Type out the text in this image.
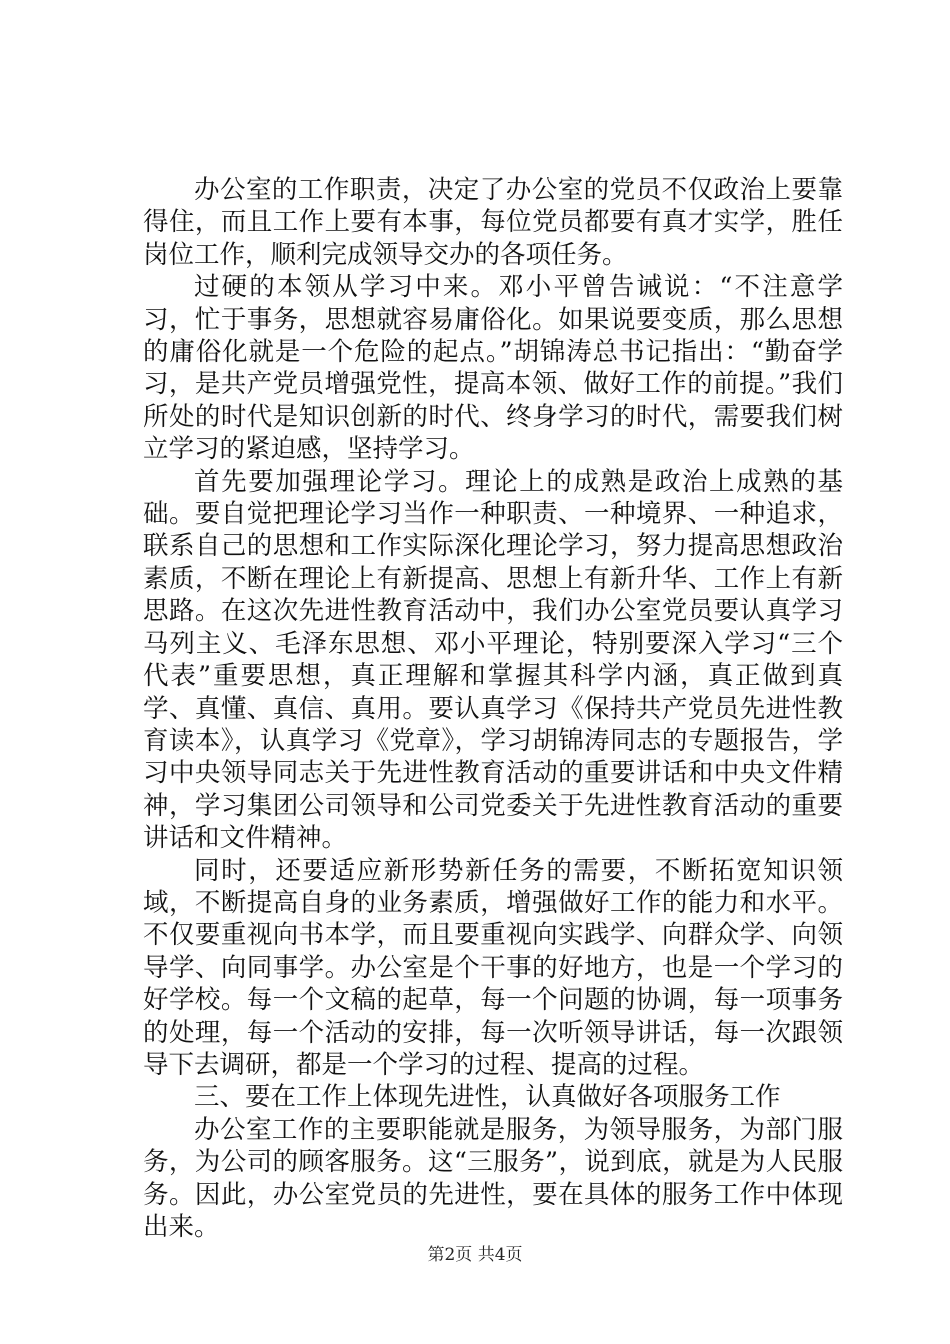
办公室的工作职责，决定了办公室的党员不仅政治上要靠得住，而且工作上要有本事，每位党员都要有真才实学，胜任岗位工作，顺利完成领导交办的各项任务。

过硬的本领从学习中来。邓小平曾告诫说：“不注意学习，忙于事务，思想就容易庸俗化。如果说要变质，那么思想的庸俗化就是一个危险的起点。”胡锦涛总书记指出：“勤奋学习，是共产党员增强党性，提高本领、做好工作的前提。”我们所处的时代是知识创新的时代、终身学习的时代，需要我们树立学习的紧迫感，坚持学习。

首先要加强理论学习。理论上的成熟是政治上成熟的基础。要自觉把理论学习当作一种职责、一种境界、一种追求，联系自己的思想和工作实际深化理论学习，努力提高思想政治素质，不断在理论上有新提高、思想上有新升华、工作上有新思路。在这次先进性教育活动中，我们办公室党员要认真学习马列主义、毛泽东思想、邓小平理论，特别要深入学习“三个代表”重要思想，真正理解和掌握其科学内涵，真正做到真学、真懂、真信、真用。要认真学习《保持共产党员先进性教育读本》，认真学习《党章》，学习胡锦涛同志的专题报告，学习中央领导同志关于先进性教育活动的重要讲话和中央文件精神，学习集团公司领导和公司党委关于先进性教育活动的重要讲话和文件精神。

同时，还要适应新形势新任务的需要，不断拓宽知识领域，不断提高自身的业务素质，增强做好工作的能力和水平。不仅要重视向书本学，而且要重视向实践学、向群众学、向领导学、向同事学。办公室是个干事的好地方，也是一个学习的好学校。每一个文稿的起草，每一个问题的协调，每一项事务的处理，每一个活动的安排，每一次听领导讲话，每一次跟领导下去调研，都是一个学习的过程、提高的过程。

三、要在工作上体现先进性，认真做好各项服务工作

办公室工作的主要职能就是服务，为领导服务，为部门服务，为公司的顾客服务。这“三服务”，说到底，就是为人民服务。因此，办公室党员的先进性，要在具体的服务工作中体现出来。

第2页 共4页
